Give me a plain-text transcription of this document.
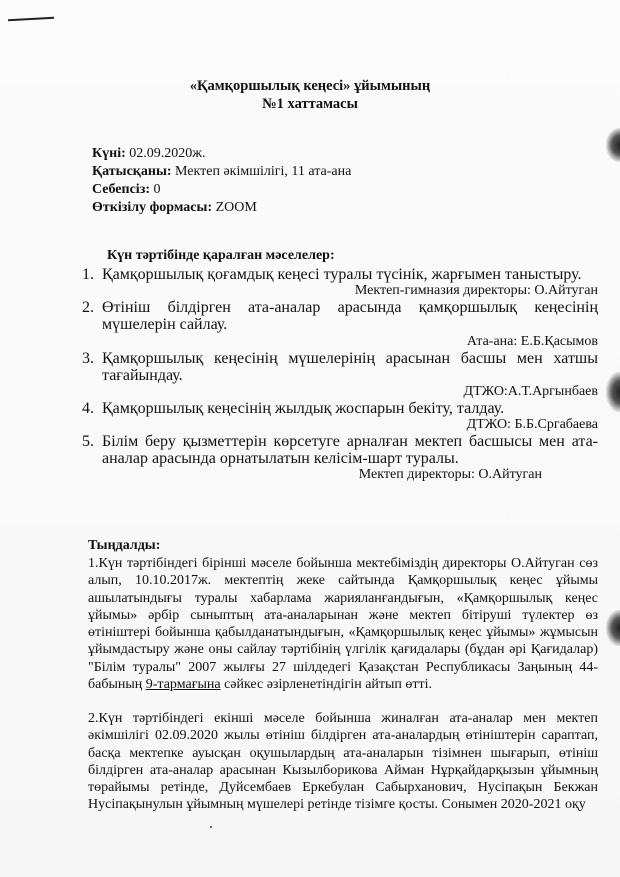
«Қамқоршылық кеңесі» ұйымының
№1 хаттамасы
Күні: 02.09.2020ж.
Қатысқаны: Мектеп әкімшілігі, 11 ата-ана
Себепсіз: 0
Өткізілу формасы: ZOOM
Күн тәртібінде қаралған мәселелер:
1. Қамқоршылық қоғамдық кеңесі туралы түсінік, жарғымен таныстыру.
Мектеп-гимназия директоры: О.Айтуган
2. Өтініш білдірген ата-аналар арасында қамқоршылық кеңесінің мүшелерін сайлау.
Ата-ана: Е.Б.Қасымов
3. Қамқоршылық кеңесінің мүшелерінің арасынан басшы мен хатшы тағайындау.
ДТЖО:А.Т.Аргынбаев
4. Қамқоршылық кеңесінің жылдық жоспарын бекіту, талдау.
ДТЖО: Б.Б.Сргабаева
5. Білім беру қызметтерін көрсетуге арналған мектеп басшысы мен ата-аналар арасында орнатылатын келісім-шарт туралы.
Мектеп директоры: О.Айтуган
Тыңдалды:
1.Күн тәртібіндегі бірінші мәселе бойынша мектебіміздің директоры О.Айтуган сөз алып, 10.10.2017ж. мектептің жеке сайтында Қамқоршылық кеңес ұйымы ашылатындығы туралы хабарлама жарияланғандығын, «Қамқоршылық кеңес ұйымы» әрбір сыныптың ата-аналарынан және мектеп бітіруші түлектер өз өтініштері бойынша қабылданатындығын, «Қамқоршылық кеңес ұйымы» жұмысын ұйымдастыру және оны сайлау тәртібінің үлгілік қағидалары (бұдан әрі Қағидалар) "Білім туралы" 2007 жылғы 27 шілдедегі Қазақстан Республикасы Заңының 44-бабының 9-тармағына сәйкес әзірленетіндігін айтып өтті.
2.Күн тәртібіндегі екінші мәселе бойынша жиналған ата-аналар мен мектеп әкімшілігі 02.09.2020 жылы өтініш білдірген ата-аналардың өтініштерін сараптап, басқа мектепке ауысқан оқушылардың ата-аналарын тізімнен шығарып, өтініш білдірген ата-аналар арасынан Кызылборикова Айман Нұрқайдарқызын ұйымның төрайымы ретінде, Дуйсембаев Еркебулан Сабырханович, Нусіпақын Бекжан Нусіпақынулын ұйымның мүшелері ретінде тізімге қосты. Сонымен 2020-2021 оқу
